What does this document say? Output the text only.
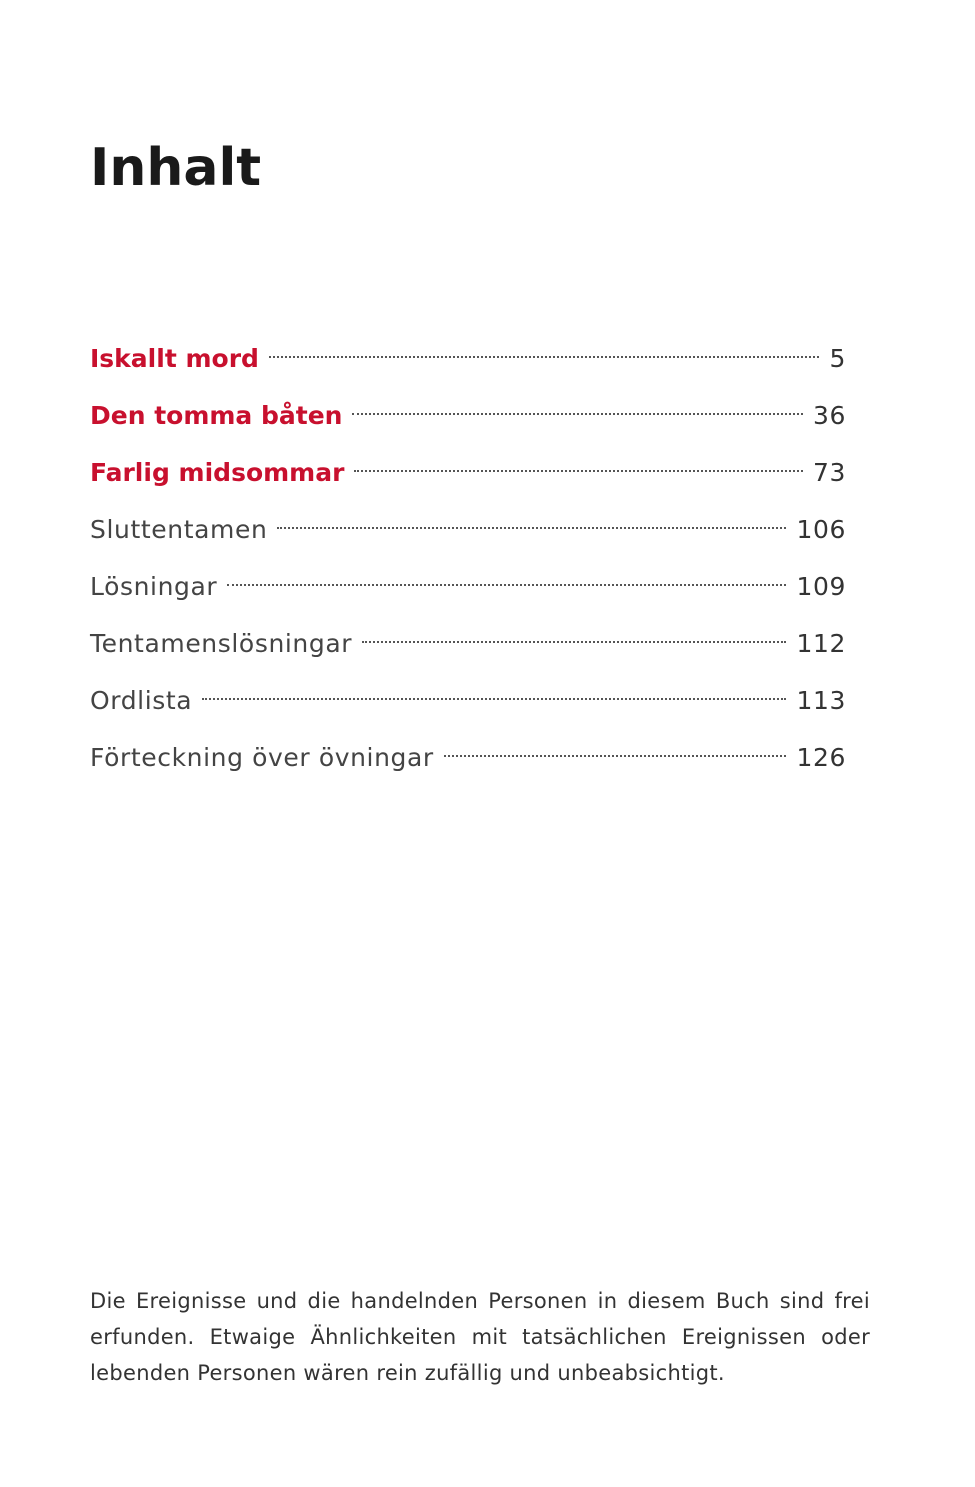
Inhalt
Iskallt mord	5
Den tomma båten	36
Farlig midsommar	73
Sluttentamen	106
Lösningar	109
Tentamenslösningar	112
Ordlista	113
Förteckning över övningar	126

Die Ereignisse und die handelnden Personen in diesem Buch sind frei erfunden. Etwaige Ähnlichkeiten mit tatsächlichen Ereignissen oder lebenden Personen wären rein zufällig und unbeabsichtigt.
